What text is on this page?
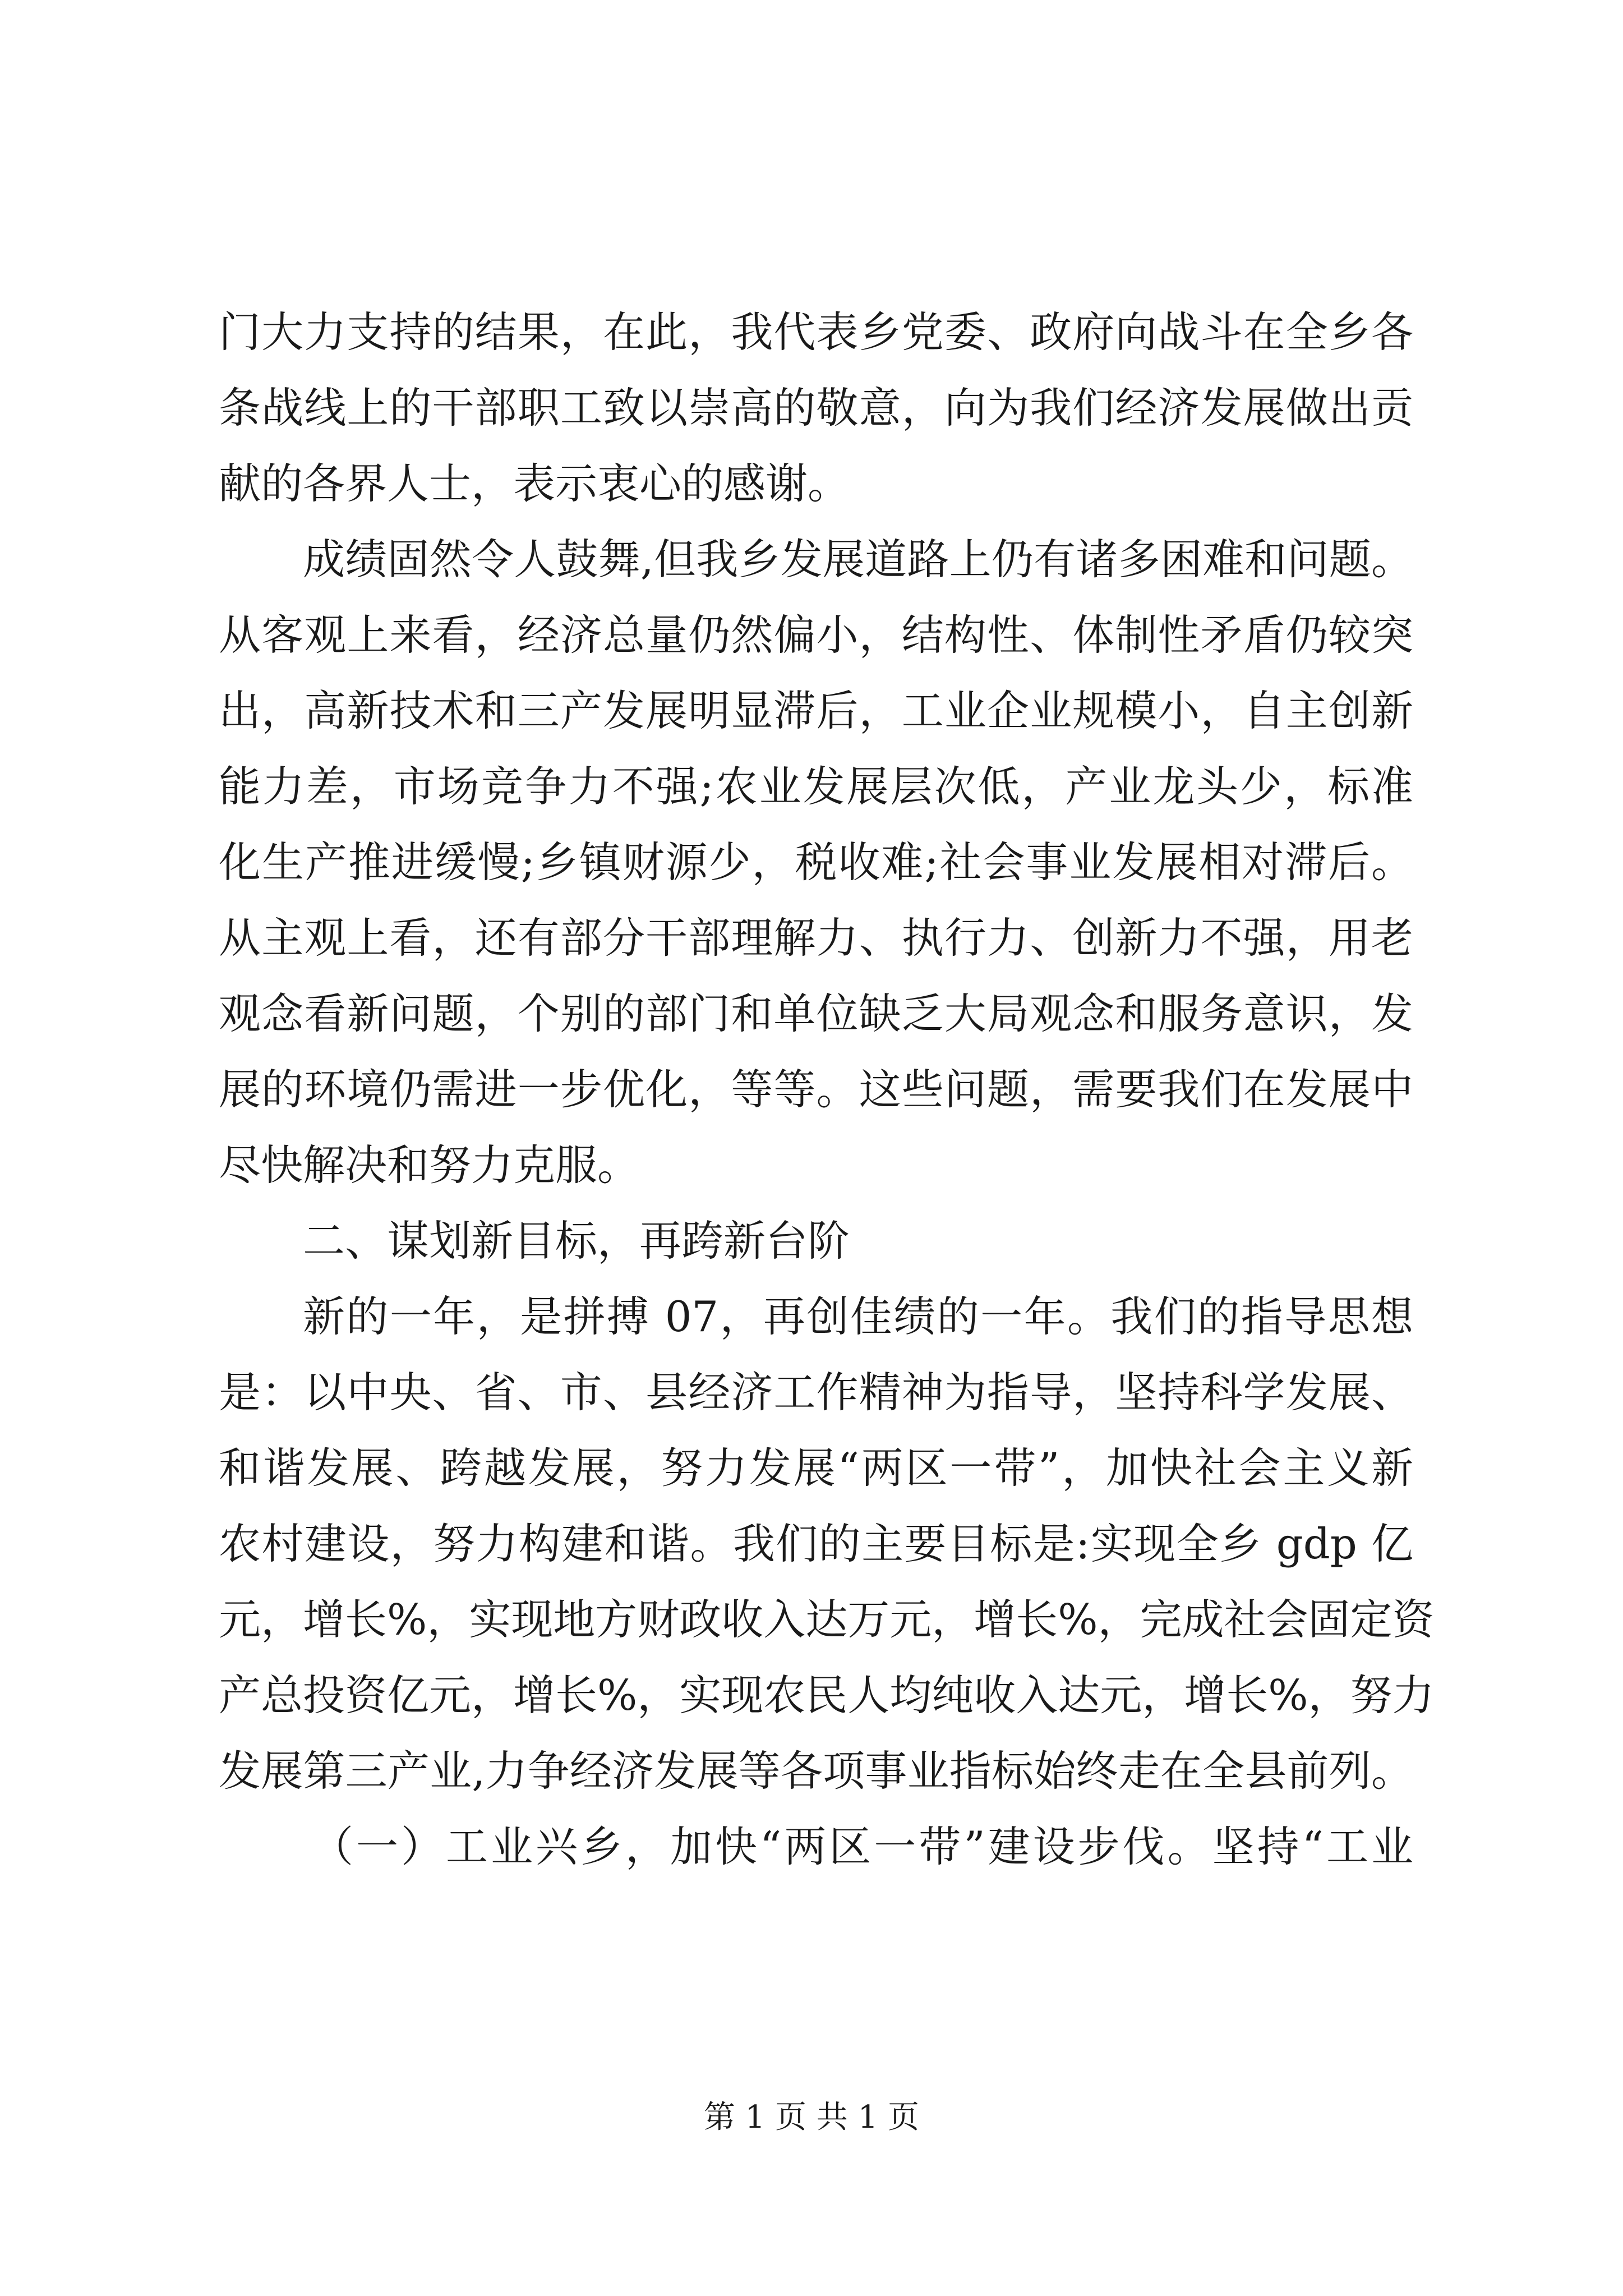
门大力支持的结果，在此，我代表乡党委、政府向战斗在全乡各
条战线上的干部职工致以崇高的敬意，向为我们经济发展做出贡
献的各界人士，表示衷心的感谢。
成绩固然令人鼓舞,但我乡发展道路上仍有诸多困难和问题。
从客观上来看，经济总量仍然偏小，结构性、体制性矛盾仍较突
出，高新技术和三产发展明显滞后，工业企业规模小，自主创新
能力差，市场竞争力不强;农业发展层次低，产业龙头少，标准
化生产推进缓慢;乡镇财源少，税收难;社会事业发展相对滞后。
从主观上看，还有部分干部理解力、执行力、创新力不强，用老
观念看新问题，个别的部门和单位缺乏大局观念和服务意识，发
展的环境仍需进一步优化，等等。这些问题，需要我们在发展中
尽快解决和努力克服。
二、谋划新目标，再跨新台阶
新的一年，是拼搏 07，再创佳绩的一年。我们的指导思想
是：以中央、省、市、县经济工作精神为指导，坚持科学发展、
和谐发展、跨越发展，努力发展“两区一带”，加快社会主义新
农村建设，努力构建和谐。我们的主要目标是:实现全乡 gdp 亿
元，增长%，实现地方财政收入达万元，增长%，完成社会固定资
产总投资亿元，增长%，实现农民人均纯收入达元，增长%，努力
发展第三产业,力争经济发展等各项事业指标始终走在全县前列。
（一）工业兴乡，加快“两区一带”建设步伐。坚持“工业
第 1 页 共 1 页
